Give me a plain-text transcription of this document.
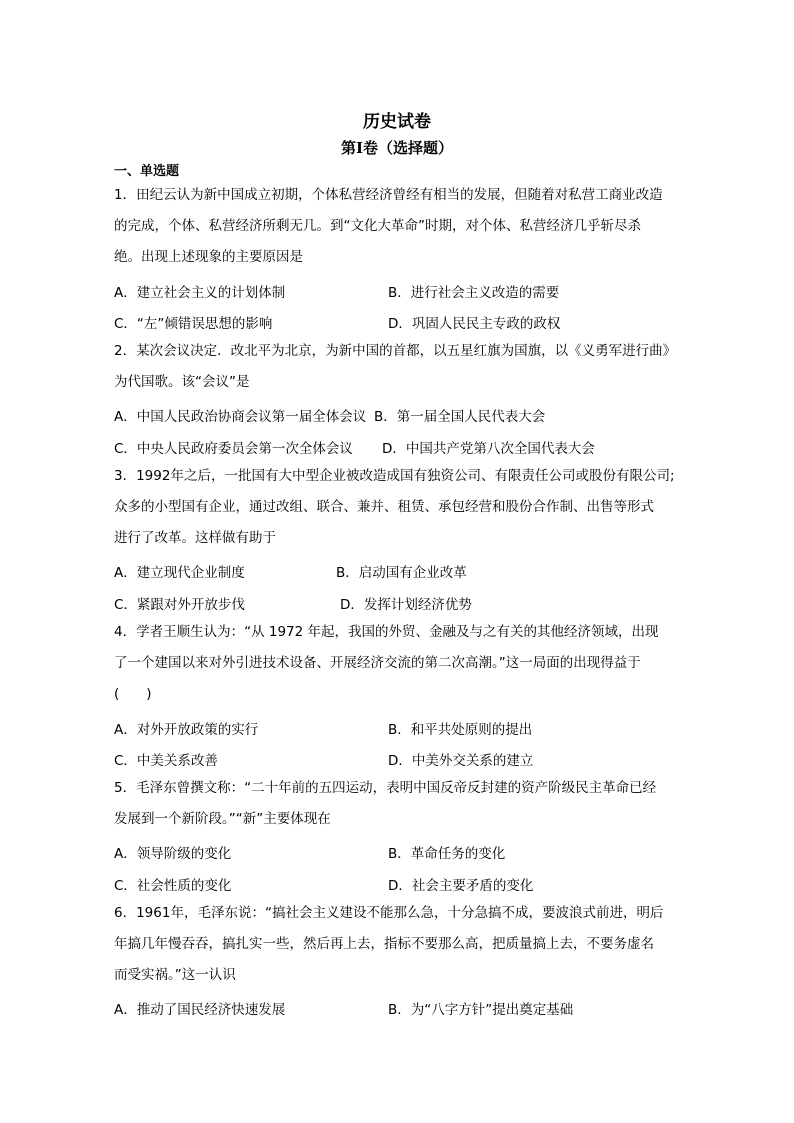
历史试卷
第Ⅰ卷（选择题）
一、单选题
1．田纪云认为新中国成立初期，个体私营经济曾经有相当的发展，但随着对私营工商业改造
的完成，个体、私营经济所剩无几。到“文化大革命”时期，对个体、私营经济几乎斩尽杀
绝。出现上述现象的主要原因是
A．建立社会主义的计划体制	B．进行社会主义改造的需要
C．“左”倾错误思想的影响	D．巩固人民民主专政的政权
2．某次会议决定．改北平为北京，为新中国的首都，以五星红旗为国旗，以《义勇军进行曲》
为代国歌。该“会议”是
A．中国人民政治协商会议第一届全体会议 B．第一届全国人民代表大会
C．中央人民政府委员会第一次全体会议 D．中国共产党第八次全国代表大会
3．1992年之后，一批国有大中型企业被改造成国有独资公司、有限责任公司或股份有限公司;
众多的小型国有企业，通过改组、联合、兼并、租赁、承包经营和股份合作制、出售等形式
进行了改革。这样做有助于
A．建立现代企业制度	B．启动国有企业改革
C．紧跟对外开放步伐	D．发挥计划经济优势
4．学者王顺生认为：“从 1972 年起，我国的外贸、金融及与之有关的其他经济领域，出现
了一个建国以来对外引进技术设备、开展经济交流的第二次高潮。”这一局面的出现得益于
(　　)
A．对外开放政策的实行	B．和平共处原则的提出
C．中美关系改善	D．中美外交关系的建立
5．毛泽东曾撰文称：“二十年前的五四运动，表明中国反帝反封建的资产阶级民主革命已经
发展到一个新阶段。”“新”主要体现在
A．领导阶级的变化	B．革命任务的变化
C．社会性质的变化	D．社会主要矛盾的变化
6．1961年，毛泽东说：“搞社会主义建设不能那么急，十分急搞不成，要波浪式前进，明后
年搞几年慢吞吞，搞扎实一些，然后再上去，指标不要那么高，把质量搞上去，不要务虚名
而受实祸。”这一认识
A．推动了国民经济快速发展	B．为“八字方针”提出奠定基础
